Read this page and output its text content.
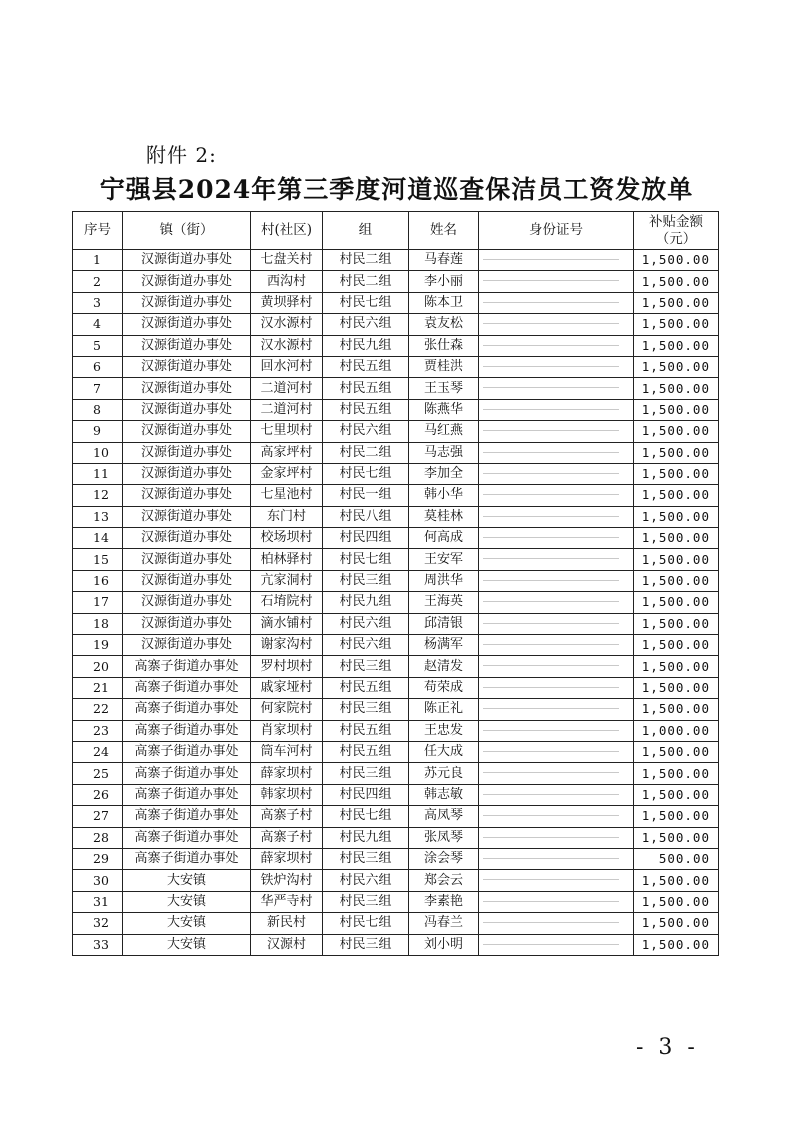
附件 2:
宁强县2024年第三季度河道巡查保洁员工资发放单
序号	镇（街）	村(社区)	组	姓名	身份证号	补贴金额
（元）

1	汉源街道办事处	七盘关村	村民二组	马春莲		1,500.00
2	汉源街道办事处	西沟村	村民二组	李小丽		1,500.00
3	汉源街道办事处	黄坝驿村	村民七组	陈本卫		1,500.00
4	汉源街道办事处	汉水源村	村民六组	袁友松		1,500.00
5	汉源街道办事处	汉水源村	村民九组	张仕森		1,500.00
6	汉源街道办事处	回水河村	村民五组	贾桂洪		1,500.00
7	汉源街道办事处	二道河村	村民五组	王玉琴		1,500.00
8	汉源街道办事处	二道河村	村民五组	陈燕华		1,500.00
9	汉源街道办事处	七里坝村	村民六组	马红燕		1,500.00
10	汉源街道办事处	高家坪村	村民二组	马志强		1,500.00
11	汉源街道办事处	金家坪村	村民七组	李加全		1,500.00
12	汉源街道办事处	七星池村	村民一组	韩小华		1,500.00
13	汉源街道办事处	东门村	村民八组	莫桂林		1,500.00
14	汉源街道办事处	校场坝村	村民四组	何高成		1,500.00
15	汉源街道办事处	柏林驿村	村民七组	王安军		1,500.00
16	汉源街道办事处	亢家洞村	村民三组	周洪华		1,500.00
17	汉源街道办事处	石堉院村	村民九组	王海英		1,500.00
18	汉源街道办事处	滴水铺村	村民六组	邱清银		1,500.00
19	汉源街道办事处	谢家沟村	村民六组	杨满军		1,500.00
20	高寨子街道办事处	罗村坝村	村民三组	赵清发		1,500.00
21	高寨子街道办事处	戚家垭村	村民五组	苟荣成		1,500.00
22	高寨子街道办事处	何家院村	村民三组	陈正礼		1,500.00
23	高寨子街道办事处	肖家坝村	村民五组	王忠发		1,000.00
24	高寨子街道办事处	筒车河村	村民五组	任大成		1,500.00
25	高寨子街道办事处	薛家坝村	村民三组	苏元良		1,500.00
26	高寨子街道办事处	韩家坝村	村民四组	韩志敏		1,500.00
27	高寨子街道办事处	高寨子村	村民七组	高凤琴		1,500.00
28	高寨子街道办事处	高寨子村	村民九组	张凤琴		1,500.00
29	高寨子街道办事处	薛家坝村	村民三组	涂会琴		500.00
30	大安镇	铁炉沟村	村民六组	郑会云		1,500.00
31	大安镇	华严寺村	村民三组	李素艳		1,500.00
32	大安镇	新民村	村民七组	冯春兰		1,500.00
33	大安镇	汉源村	村民三组	刘小明		1,500.00
- 3 -
